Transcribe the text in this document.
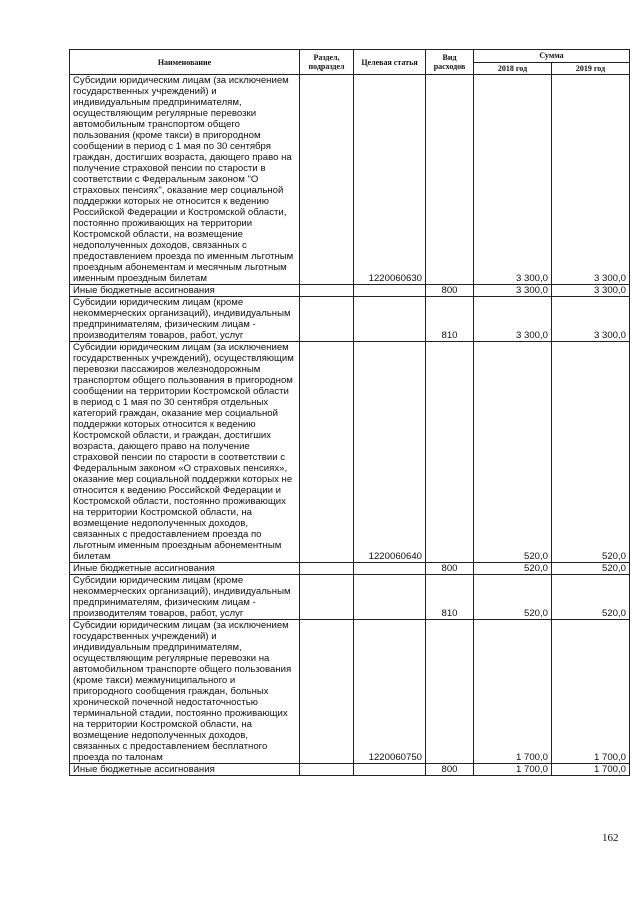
Наименование	Раздел, подраздел	Целевая статья	Вид расходов	Сумма	
				2018 год	2019 год
Субсидии юридическим лицам (за исключением государственных учреждений) и индивидуальным предпринимателям, осуществляющим регулярные перевозки автомобильным транспортом общего пользования (кроме такси) в пригородном сообщении в период с 1 мая по 30 сентября граждан, достигших возраста, дающего право на получение страховой пенсии по старости в соответствии с Федеральным законом "О страховых пенсиях", оказание мер социальной поддержки которых не относится к ведению Российской Федерации и Костромской области, постоянно проживающих на территории Костромской области, на возмещение недополученных доходов, связанных с предоставлением проезда по именным льготным проездным абонементам и месячным льготным именным проездным билетам		1220060630		3 300,0	3 300,0
Иные бюджетные ассигнования			800	3 300,0	3 300,0
Субсидии юридическим лицам (кроме некоммерческих организаций), индивидуальным предпринимателям, физическим лицам - производителям товаров, работ, услуг			810	3 300,0	3 300,0
Субсидии юридическим лицам (за исключением государственных учреждений), осуществляющим перевозки пассажиров железнодорожным транспортом общего пользования в пригородном сообщении на территории Костромской области в период с 1 мая по 30 сентября отдельных категорий граждан, оказание мер социальной поддержки которых относится к ведению Костромской области, и граждан, достигших возраста, дающего право на получение страховой пенсии по старости в соответствии с Федеральным законом «О страховых пенсиях», оказание мер социальной поддержки которых не относится к ведению Российской Федерации и Костромской области, постоянно проживающих на территории Костромской области, на возмещение недополученных доходов, связанных с предоставлением проезда по льготным именным проездным абонементным билетам		1220060640		520,0	520,0
Иные бюджетные ассигнования			800	520,0	520,0
Субсидии юридическим лицам (кроме некоммерческих организаций), индивидуальным предпринимателям, физическим лицам - производителям товаров, работ, услуг			810	520,0	520,0
Субсидии юридическим лицам (за исключением государственных учреждений) и индивидуальным предпринимателям, осуществляющим регулярные перевозки на автомобильном транспорте общего пользования (кроме такси) межмуниципального и пригородного сообщения граждан, больных хронической почечной недостаточностью терминальной стадии, постоянно проживающих на территории Костромской области, на возмещение недополученных доходов, связанных с предоставлением бесплатного проезда по талонам		1220060750		1 700,0	1 700,0
Иные бюджетные ассигнования			800	1 700,0	1 700,0
162
